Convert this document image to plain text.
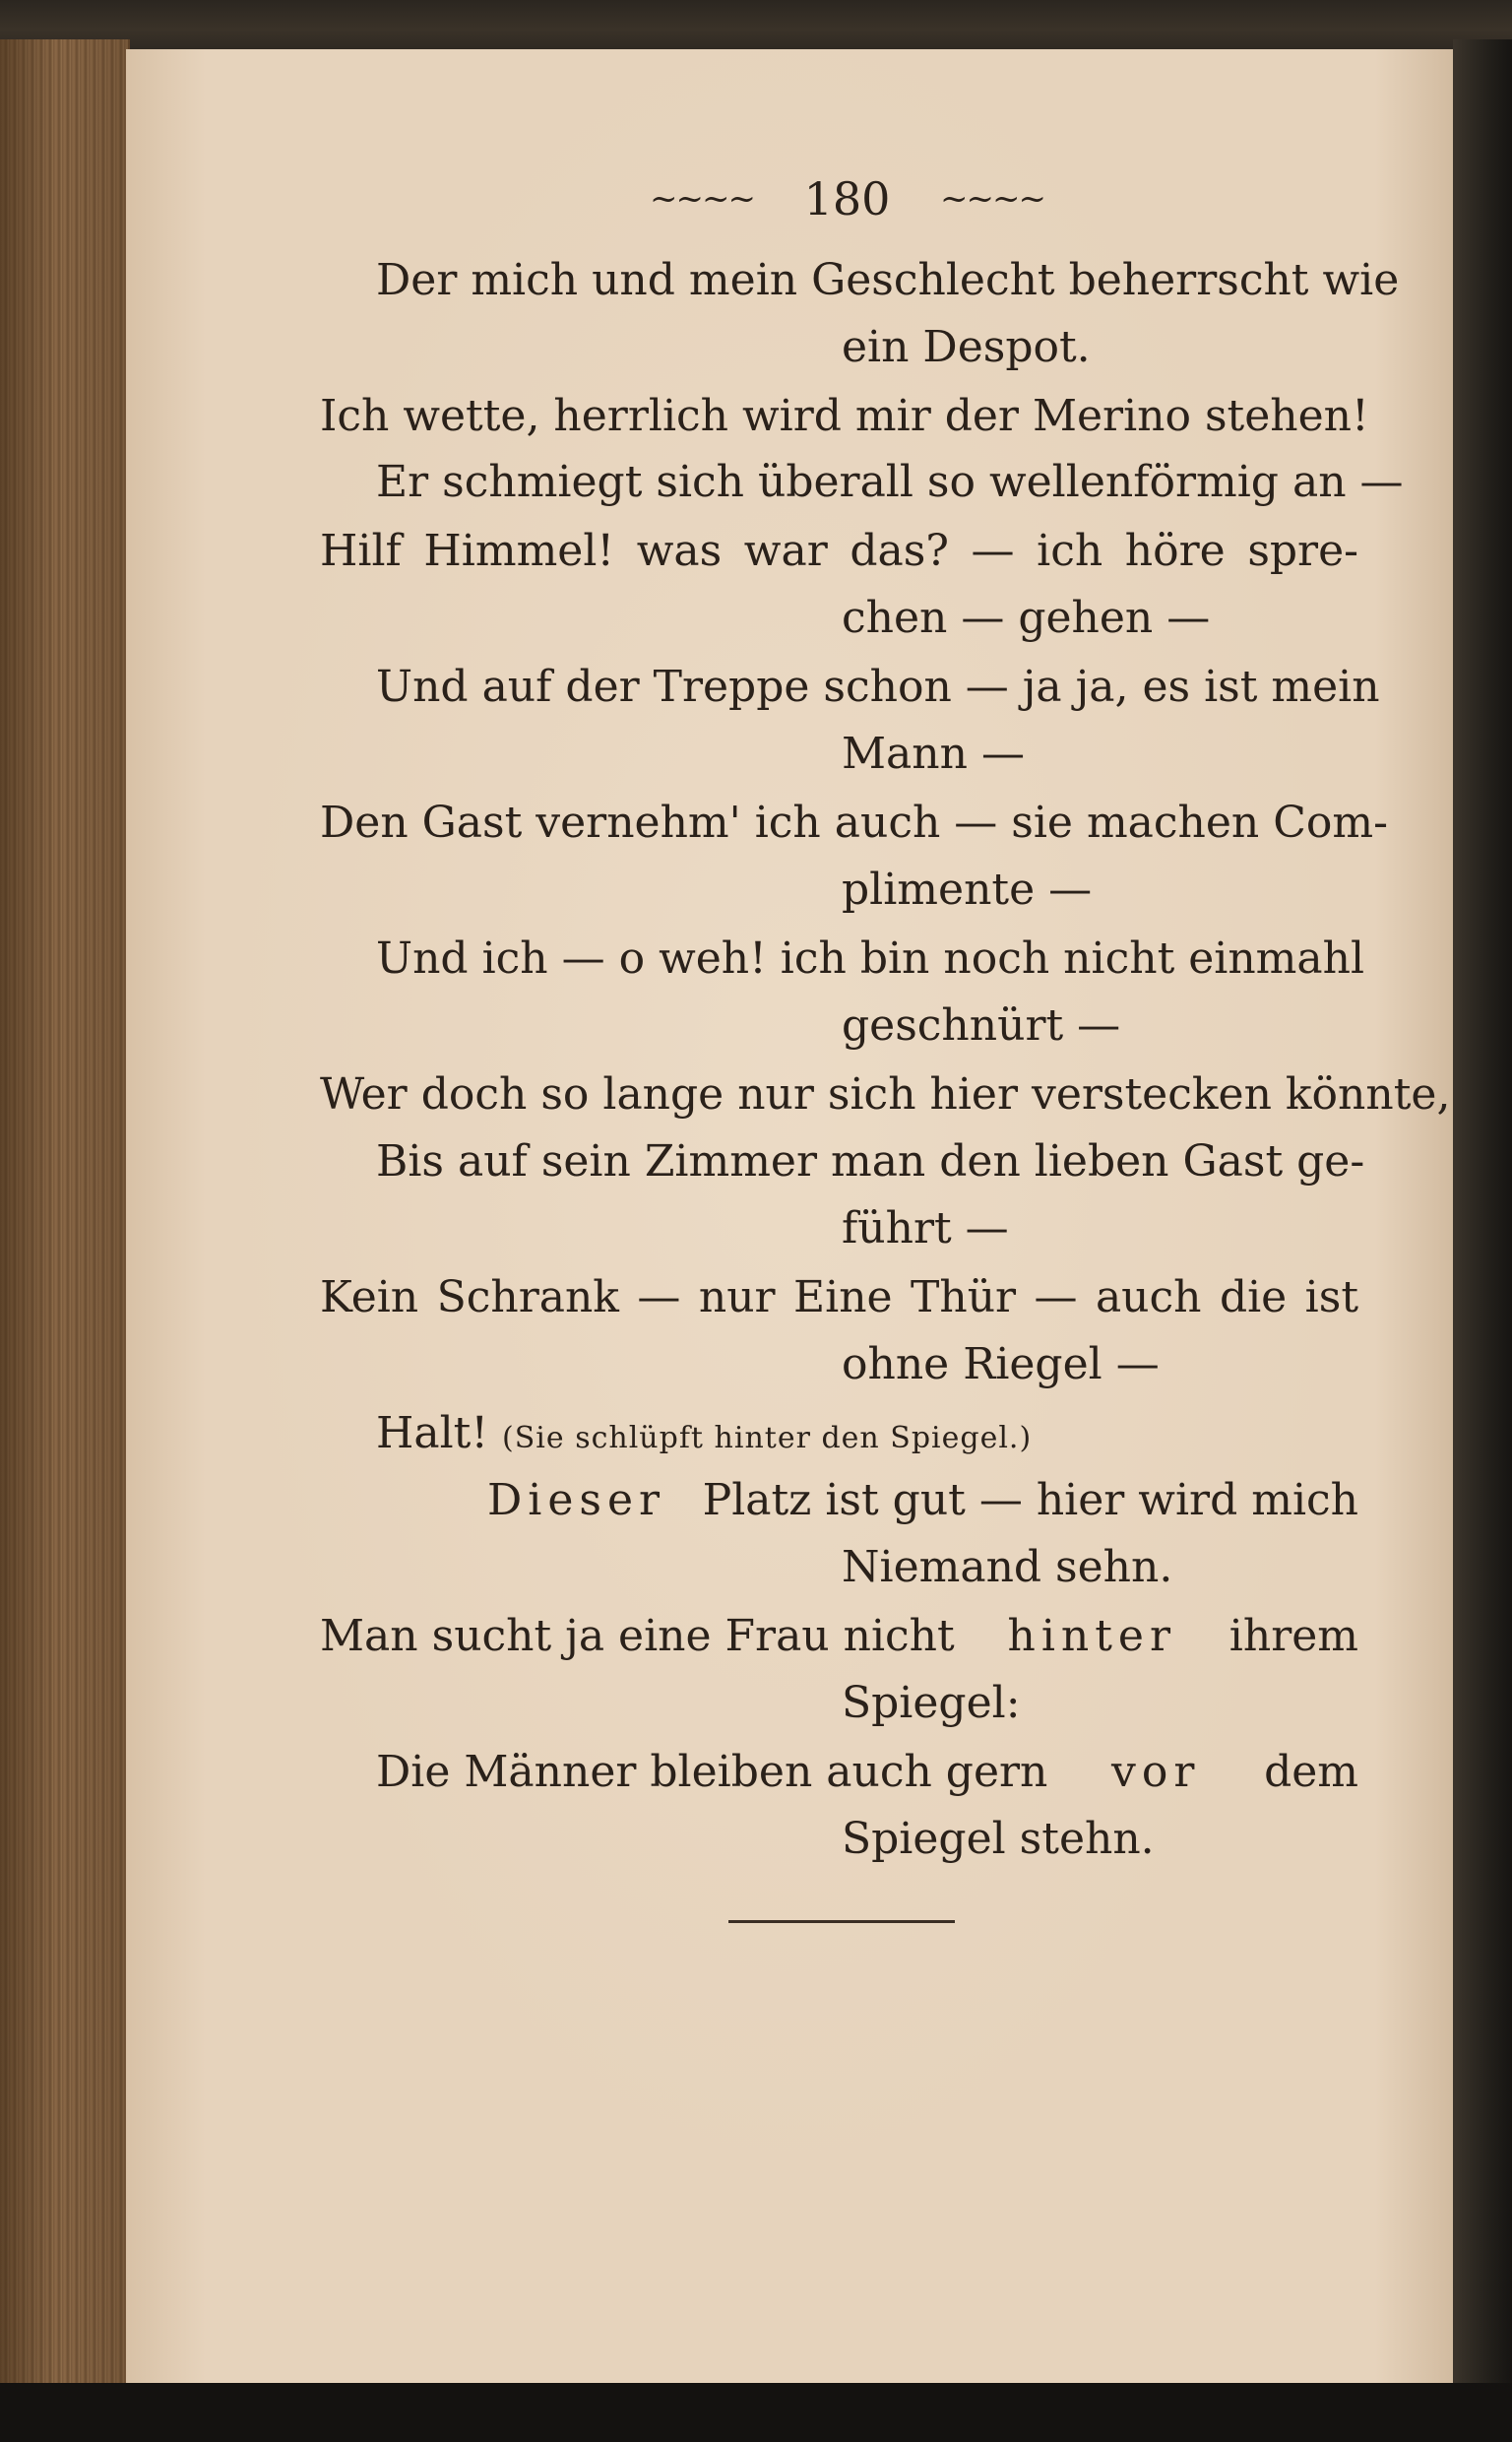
~~~~ 180 ~~~~
Der mich und mein Geschlecht beherrscht wie
ein Despot.
Ich wette, herrlich wird mir der Merino stehen!
Er schmiegt sich überall so wellenförmig an —
Hilf Himmel! was war das? — ich höre spre-
chen — gehen —
Und auf der Treppe schon — ja ja, es ist mein
Mann —
Den Gast vernehm' ich auch — sie machen Com-
plimente —
Und ich — o weh! ich bin noch nicht einmahl
geschnürt —
Wer doch so lange nur sich hier verstecken könnte,
Bis auf sein Zimmer man den lieben Gast ge-
führt —
Kein Schrank — nur Eine Thür — auch die ist
ohne Riegel —
Halt! (Sie schlüpft hinter den Spiegel.)
Dieser Platz ist gut — hier wird mich
Niemand sehn.
Man sucht ja eine Frau nicht hinter ihrem
Spiegel:
Die Männer bleiben auch gern vor dem
Spiegel stehn.
